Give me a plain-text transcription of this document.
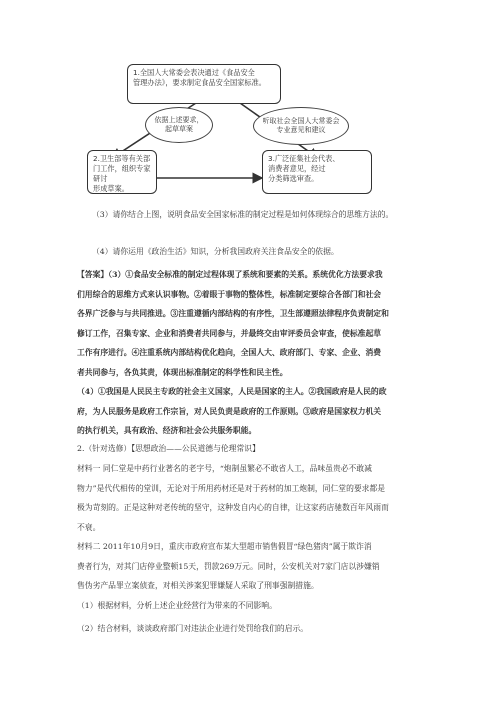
1.全国人大常委会表决通过《食品安全
管理办法》，要求制定食品安全国家标准。
2.卫生部等有关部
门工作，组织专家研讨
形成草案。
3.广泛征集社会代表、
消费者意见，经过
分类筛选审查。
依据上述要求，
起草草案
听取社会全国人大常委会
专业意见和建议
（3）请你结合上图，说明食品安全国家标准的制定过程是如何体现综合的思维方法的。
（4）请你运用《政治生活》知识，分析我国政府关注食品安全的依据。
【答案】（3）①食品安全标准的制定过程体现了系统和要素的关系。系统优化方法要求我
们用综合的思维方式来认识事物。②着眼于事物的整体性，标准制定要综合各部门和社会
各界广泛参与与共同推进。③注重遵循内部结构的有序性，卫生部遵照法律程序负责制定和
修订工作，召集专家、企业和消费者共同参与，并最终交由审评委员会审查，使标准起草
工作有序进行。④注重系统内部结构优化趋向，全国人大、政府部门、专家、企业、消费
者共同参与，各负其责，体现出标准制定的科学性和民主性。
（4）①我国是人民民主专政的社会主义国家，人民是国家的主人。②我国政府是人民的政
府，为人民服务是政府工作宗旨，对人民负责是政府的工作原则。③政府是国家权力机关
的执行机关，具有政治、经济和社会公共服务职能。
2.（针对选修）【思想政治——公民道德与伦理常识】
材料一 同仁堂是中药行业著名的老字号，“炮制虽繁必不敢省人工，品味虽贵必不敢减
物力”是代代相传的堂训，无论对于所用药材还是对于药材的加工炮制，同仁堂的要求都是
极为苛刻的。正是这种对老传统的坚守，这种发自内心的自律，让这家药店驰数百年风雨而
不衰。
材料二 2011年10月9日，重庆市政府宣布某大型超市销售假冒“绿色猪肉”属于欺诈消
费者行为，对其门店停业整顿15天，罚款269万元。同时，公安机关对7家门店以涉嫌销
售伪劣产品罪立案侦查，对相关涉案犯罪嫌疑人采取了刑事强制措施。
（1）根据材料，分析上述企业经营行为带来的不同影响。
（2）结合材料，谈谈政府部门对违法企业进行处罚给我们的启示。
